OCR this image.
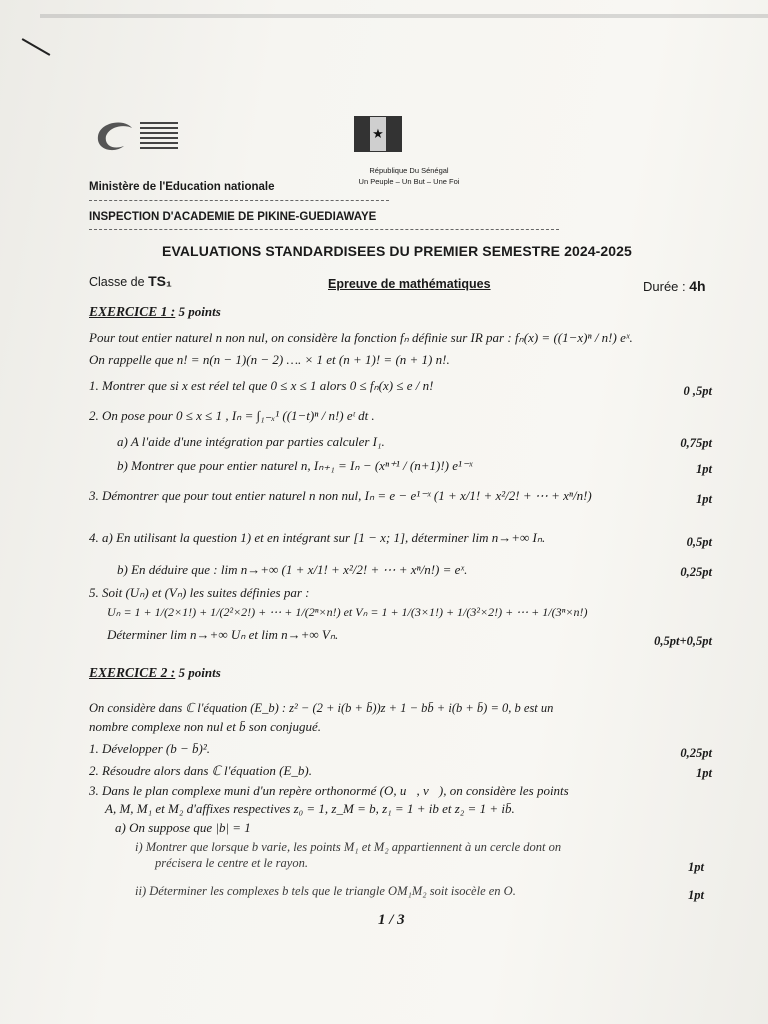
★
République Du Sénégal
Un Peuple – Un But – Une Foi
Ministère de l'Education nationale
INSPECTION D'ACADEMIE DE PIKINE-GUEDIAWAYE
EVALUATIONS STANDARDISEES DU PREMIER SEMESTRE 2024-2025
Classe de TS₁	Epreuve de mathématiques	Durée : 4h
EXERCICE 1 : 5 points
Pour tout entier naturel n non nul, on considère la fonction fₙ définie sur IR par : fₙ(x) = ((1−x)ⁿ / n!) eˣ.
On rappelle que n! = n(n − 1)(n − 2) …. × 1 et (n + 1)! = (n + 1) n!.
1. Montrer que si x est réel tel que 0 ≤ x ≤ 1 alors 0 ≤ fₙ(x) ≤ e / n!	0 ,5pt
2. On pose pour 0 ≤ x ≤ 1 , Iₙ = ∫₁₋ₓ¹ ((1−t)ⁿ / n!) eᵗ dt .
a) A l'aide d'une intégration par parties calculer I₁.	0,75pt
b) Montrer que pour entier naturel n, Iₙ₊₁ = Iₙ − (xⁿ⁺¹ / (n+1)!) e¹⁻ˣ	1pt
3. Démontrer que pour tout entier naturel n non nul, Iₙ = e − e¹⁻ˣ (1 + x/1! + x²/2! + ⋯ + xⁿ/n!)	1pt
4. a) En utilisant la question 1) et en intégrant sur [1 − x; 1], déterminer lim n→+∞ Iₙ.	0,5pt
b) En déduire que : lim n→+∞ (1 + x/1! + x²/2! + ⋯ + xⁿ/n!) = eˣ.	0,25pt
5. Soit (Uₙ) et (Vₙ) les suites définies par :
Uₙ = 1 + 1/(2×1!) + 1/(2²×2!) + ⋯ + 1/(2ⁿ×n!) et Vₙ = 1 + 1/(3×1!) + 1/(3²×2!) + ⋯ + 1/(3ⁿ×n!)
Déterminer lim n→+∞ Uₙ et lim n→+∞ Vₙ.	0,5pt+0,5pt
EXERCICE 2 : 5 points
On considère dans ℂ l'équation (E_b) : z² − (2 + i(b + b̄))z + 1 − bb̄ + i(b + b̄) = 0, b est un
nombre complexe non nul et b̄ son conjugué.
1. Développer (b − b̄)².	0,25pt
2. Résoudre alors dans ℂ l'équation (E_b).	1pt
3. Dans le plan complexe muni d'un repère orthonormé (O, u⃗, v⃗), on considère les points
A, M, M₁ et M₂ d'affixes respectives z₀ = 1, z_M = b, z₁ = 1 + ib et z₂ = 1 + ib̄.
a) On suppose que |b| = 1
i) Montrer que lorsque b varie, les points M₁ et M₂ appartiennent à un cercle dont on
préciserа le centre et le rayon.	1pt
ii) Déterminer les complexes b tels que le triangle OM₁M₂ soit isocèle en O.	1pt
1 / 3
